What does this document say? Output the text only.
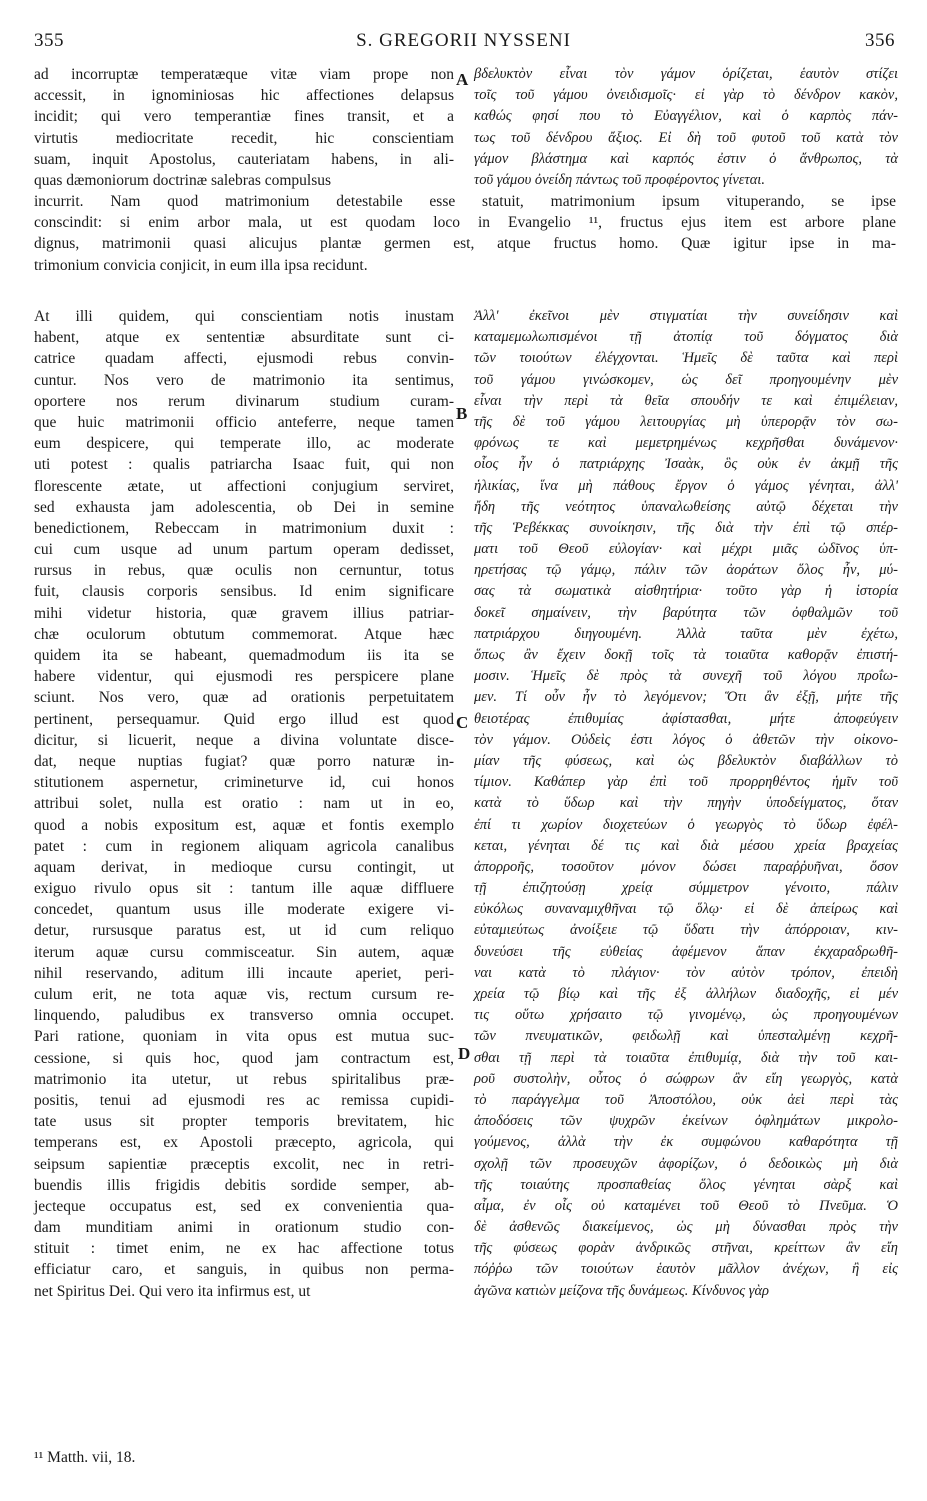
355	S. GREGORII NYSSENI	356
ad incorruptæ temperatæque vitæ viam prope non
accessit, in ignominiosas hic affectiones delapsus
incidit; qui vero temperantiæ fines transit, et a
virtutis mediocritate recedit, hic conscientiam
suam, inquit Apostolus, cauteriatam habens, in ali-
quas dæmoniorum doctrinæ salebras compulsus
βδελυκτὸν εἶναι τὸν γάμον ὁρίζεται, ἑαυτὸν στίζει
τοῖς τοῦ γάμου ὀνειδισμοῖς· εἰ γὰρ τὸ δένδρον κακὸν,
καθώς φησί που τὸ Εὐαγγέλιον, καὶ ὁ καρπὸς πάν-
τως τοῦ δένδρου ἄξιος. Εἰ δὴ τοῦ φυτοῦ τοῦ κατὰ τὸν
γάμον βλάστημα καὶ καρπός ἐστιν ὁ ἄνθρωπος, τὰ
τοῦ γάμου ὀνείδη πάντως τοῦ προφέροντος γίνεται.
incurrit. Nam quod matrimonium detestabile esse statuit, matrimonium ipsum vituperando, se ipse
conscindit: si enim arbor mala, ut est quodam loco in Evangelio ¹¹, fructus ejus item est arbore plane
dignus, matrimonii quasi alicujus plantæ germen est, atque fructus homo. Quæ igitur ipse in ma-
trimonium convicia conjicit, in eum illa ipsa recidunt.
At illi quidem, qui conscientiam notis inustam
habent, atque ex sententiæ absurditate sunt ci-
catrice quadam affecti, ejusmodi rebus convin-
cuntur. Nos vero de matrimonio ita sentimus,
oportere nos rerum divinarum studium curam-
que huic matrimonii officio anteferre, neque tamen
eum despicere, qui temperate illo, ac moderate
uti potest : qualis patriarcha Isaac fuit, qui non
florescente ætate, ut affectioni conjugium serviret,
sed exhausta jam adolescentia, ob Dei in semine
benedictionem, Rebeccam in matrimonium duxit :
cui cum usque ad unum partum operam dedisset,
rursus in rebus, quæ oculis non cernuntur, totus
fuit, clausis corporis sensibus. Id enim significare
mihi videtur historia, quæ gravem illius patriar-
chæ oculorum obtutum commemorat. Atque hæc
quidem ita se habeant, quemadmodum iis ita se
habere videntur, qui ejusmodi res perspicere plane
sciunt. Nos vero, quæ ad orationis perpetuitatem
pertinent, persequamur. Quid ergo illud est quod
dicitur, si licuerit, neque a divina voluntate disce-
dat, neque nuptias fugiat? quæ porro naturæ in-
stitutionem aspernetur, crimineturve id, cui honos
attribui solet, nulla est oratio : nam ut in eo,
quod a nobis expositum est, aquæ et fontis exemplo
patet : cum in regionem aliquam agricola canalibus
aquam derivat, in medioque cursu contingit, ut
exiguo rivulo opus sit : tantum ille aquæ diffluere
concedet, quantum usus ille moderate exigere vi-
detur, rursusque paratus est, ut id cum reliquo
iterum aquæ cursu commisceatur. Sin autem, aquæ
nihil reservando, aditum illi incaute aperiet, peri-
culum erit, ne tota aquæ vis, rectum cursum re-
linquendo, paludibus ex transverso omnia occupet.
Pari ratione, quoniam in vita opus est mutua suc-
cessione, si quis hoc, quod jam contractum est,
matrimonio ita utetur, ut rebus spiritalibus præ-
positis, tenui ad ejusmodi res ac remissa cupidi-
tate usus sit propter temporis brevitatem, hic
temperans est, ex Apostoli præcepto, agricola, qui
seipsum sapientiæ præceptis excolit, nec in retri-
buendis illis frigidis debitis sordide semper, ab-
jecteque occupatus est, sed ex convenientia qua-
dam munditiam animi in orationum studio con-
stituit : timet enim, ne ex hac affectione totus
efficiatur caro, et sanguis, in quibus non perma-
net Spiritus Dei. Qui vero ita infirmus est, ut
Ἀλλ' ἐκεῖνοι μὲν στιγματίαι τὴν συνείδησιν καὶ
καταμεμωλωπισμένοι τῇ ἀτοπίᾳ τοῦ δόγματος διὰ
τῶν τοιούτων ἐλέγχονται. Ἡμεῖς δὲ ταῦτα καὶ περὶ
τοῦ γάμου γινώσκομεν, ὡς δεῖ προηγουμένην μὲν
εἶναι τὴν περὶ τὰ θεῖα σπουδήν τε καὶ ἐπιμέλειαν,
τῆς δὲ τοῦ γάμου λειτουργίας μὴ ὑπερορᾷν τὸν σω-
φρόνως τε καὶ μεμετρημένως κεχρῆσθαι δυνάμενον·
οἷος ἦν ὁ πατριάρχης Ἰσαὰκ, ὃς οὐκ ἐν ἀκμῇ τῆς
ἡλικίας, ἵνα μὴ πάθους ἔργον ὁ γάμος γένηται, ἀλλ'
ἤδη τῆς νεότητος ὑπαναλωθείσης αὐτῷ δέχεται τὴν
τῆς Ῥεβέκκας συνοίκησιν, τῆς διὰ τὴν ἐπὶ τῷ σπέρ-
ματι τοῦ Θεοῦ εὐλογίαν· καὶ μέχρι μιᾶς ὠδῖνος ὑπ-
ηρετήσας τῷ γάμῳ, πάλιν τῶν ἀοράτων ὅλος ἦν, μύ-
σας τὰ σωματικὰ αἰσθητήρια· τοῦτο γὰρ ἡ ἱστορία
δοκεῖ σημαίνειν, τὴν βαρύτητα τῶν ὀφθαλμῶν τοῦ
πατριάρχου διηγουμένη. Ἀλλὰ ταῦτα μὲν ἐχέτω,
ὅπως ἂν ἔχειν δοκῇ τοῖς τὰ τοιαῦτα καθορᾷν ἐπιστή-
μοσιν. Ἡμεῖς δὲ πρὸς τὰ συνεχῆ τοῦ λόγου προΐω-
μεν. Τί οὖν ἦν τὸ λεγόμενον; Ὅτι ἂν ἐξῇ, μήτε τῆς
θειοτέρας ἐπιθυμίας ἀφίστασθαι, μήτε ἀποφεύγειν
τὸν γάμον. Οὐδεὶς ἐστι λόγος ὁ ἀθετῶν τὴν οἰκονο-
μίαν τῆς φύσεως, καὶ ὡς βδελυκτὸν διαβάλλων τὸ
τίμιον. Καθάπερ γὰρ ἐπὶ τοῦ προρρηθέντος ἡμῖν τοῦ
κατὰ τὸ ὕδωρ καὶ τὴν πηγὴν ὑποδείγματος, ὅταν
ἐπί τι χωρίον διοχετεύων ὁ γεωργὸς τὸ ὕδωρ ἐφέλ-
κεται, γένηται δέ τις καὶ διὰ μέσου χρεία βραχείας
ἀπορροῆς, τοσοῦτον μόνον δώσει παραῤῥυῆναι, ὅσον
τῇ ἐπιζητούσῃ χρείᾳ σύμμετρον γένοιτο, πάλιν
εὐκόλως συναναμιχθῆναι τῷ ὅλῳ· εἰ δὲ ἀπείρως καὶ
εὐταμιεύτως ἀνοίξειε τῷ ὕδατι τὴν ἀπόρροιαν, κιν-
δυνεύσει τῆς εὐθείας ἀφέμενον ἅπαν ἐκχαραδρωθῆ-
ναι κατὰ τὸ πλάγιον· τὸν αὐτὸν τρόπον, ἐπειδὴ
χρεία τῷ βίῳ καὶ τῆς ἐξ ἀλλήλων διαδοχῆς, εἰ μέν
τις οὕτω χρήσαιτο τῷ γινομένῳ, ὡς προηγουμένων
τῶν πνευματικῶν, φειδωλῇ καὶ ὑπεσταλμένῃ κεχρῆ-
σθαι τῇ περὶ τὰ τοιαῦτα ἐπιθυμίᾳ, διὰ τὴν τοῦ και-
ροῦ συστολὴν, οὗτος ὁ σώφρων ἂν εἴη γεωργὸς, κατὰ
τὸ παράγγελμα τοῦ Ἀποστόλου, οὐκ ἀεὶ περὶ τὰς
ἀποδόσεις τῶν ψυχρῶν ἐκείνων ὀφλημάτων μικρολο-
γούμενος, ἀλλὰ τὴν ἐκ συμφώνου καθαρότητα τῇ
σχολῇ τῶν προσευχῶν ἀφορίζων, ὁ δεδοικὼς μὴ διὰ
τῆς τοιαύτης προσπαθείας ὅλος γένηται σὰρξ καὶ
αἷμα, ἐν οἷς οὐ καταμένει τοῦ Θεοῦ τὸ Πνεῦμα. Ὁ
δὲ ἀσθενῶς διακείμενος, ὡς μὴ δύνασθαι πρὸς τὴν
τῆς φύσεως φορὰν ἀνδρικῶς στῆναι, κρείττων ἂν εἴη
πόῤῥω τῶν τοιούτων ἑαυτὸν μᾶλλον ἀνέχων, ἢ εἰς
ἀγῶνα κατιὼν μείζονα τῆς δυνάμεως. Κίνδυνος γὰρ
A
B
C
D
¹¹ Matth. vii, 18.
